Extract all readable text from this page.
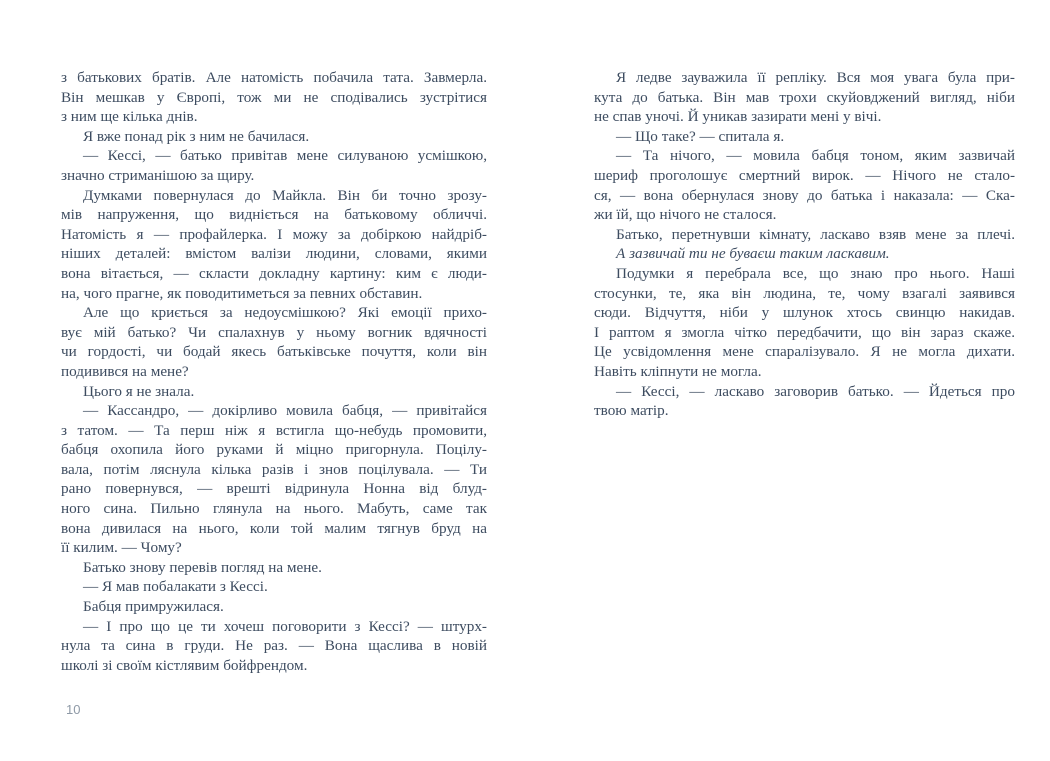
з батькових братів. Але натомість побачила тата. Завмерла.
Він мешкав у Європі, тож ми не сподівались зустрітися
з ним ще кілька днів.
Я вже понад рік з ним не бачилася.
— Кессі, — батько привітав мене силуваною усмішкою,
значно стриманішою за щиру.
Думками повернулася до Майкла. Він би точно зрозу-
мів напруження, що видніється на батьковому обличчі.
Натомість я — профайлерка. І можу за добіркою найдріб-
ніших деталей: вмістом валізи людини, словами, якими
вона вітається, — скласти докладну картину: ким є люди-
на, чого прагне, як поводитиметься за певних обставин.
Але що криється за недоусмішкою? Які емоції прихо-
вує мій батько? Чи спалахнув у ньому вогник вдячності
чи гордості, чи бодай якесь батьківське почуття, коли він
подивився на мене?
Цього я не знала.
— Кассандро, — докірливо мовила бабця, — привітайся
з татом. — Та перш ніж я встигла що-небудь промовити,
бабця охопила його руками й міцно пригорнула. Поцілу-
вала, потім ляснула кілька разів і знов поцілувала. — Ти
рано повернувся, — врешті відринула Нонна від блуд-
ного сина. Пильно глянула на нього. Мабуть, саме так
вона дивилася на нього, коли той малим тягнув бруд на
її килим. — Чому?
Батько знову перевів погляд на мене.
— Я мав побалакати з Кессі.
Бабця примружилася.
— І про що це ти хочеш поговорити з Кессі? — штурх-
нула та сина в груди. Не раз. — Вона щаслива в новій
школі зі своїм кістлявим бойфрендом.
Я ледве зауважила її репліку. Вся моя увага була при-
кута до батька. Він мав трохи скуйовджений вигляд, ніби
не спав уночі. Й уникав зазирати мені у вічі.
— Що таке? — спитала я.
— Та нічого, — мовила бабця тоном, яким зазвичай
шериф проголошує смертний вирок. — Нічого не стало-
ся, — вона обернулася знову до батька і наказала: — Ска-
жи їй, що нічого не сталося.
Батько, перетнувши кімнату, ласкаво взяв мене за плечі.
А зазвичай ти не буваєш таким ласкавим.
Подумки я перебрала все, що знаю про нього. Наші
стосунки, те, яка він людина, те, чому взагалі заявився
сюди. Відчуття, ніби у шлунок хтось свинцю накидав.
І раптом я змогла чітко передбачити, що він зараз скаже.
Це усвідомлення мене спаралізувало. Я не могла дихати.
Навіть кліпнути не могла.
— Кессі, — ласкаво заговорив батько. — Йдеться про
твою матір.
10
